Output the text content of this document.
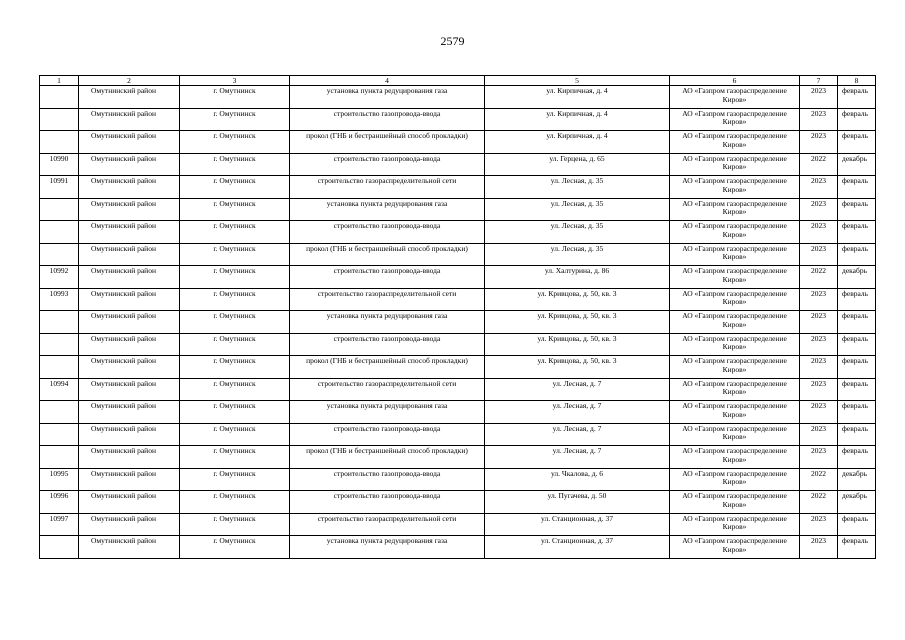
2579
1	2	3	4	5	6	7	8
	Омутнинский район	г. Омутнинск	установка пункта редуцирования газа	ул. Кирпичная, д. 4	АО «Газпром газораспределение Киров»	2023	февраль
	Омутнинский район	г. Омутнинск	строительство газопровода-ввода	ул. Кирпичная, д. 4	АО «Газпром газораспределение Киров»	2023	февраль
	Омутнинский район	г. Омутнинск	прокол (ГНБ и бестраншейный способ прокладки)	ул. Кирпичная, д. 4	АО «Газпром газораспределение Киров»	2023	февраль
10990	Омутнинский район	г. Омутнинск	строительство газопровода-ввода	ул. Герцена, д. 65	АО «Газпром газораспределение Киров»	2022	декабрь
10991	Омутнинский район	г. Омутнинск	строительство газораспределительной сети	ул. Лесная, д. 35	АО «Газпром газораспределение Киров»	2023	февраль
	Омутнинский район	г. Омутнинск	установка пункта редуцирования газа	ул. Лесная, д. 35	АО «Газпром газораспределение Киров»	2023	февраль
	Омутнинский район	г. Омутнинск	строительство газопровода-ввода	ул. Лесная, д. 35	АО «Газпром газораспределение Киров»	2023	февраль
	Омутнинский район	г. Омутнинск	прокол (ГНБ и бестраншейный способ прокладки)	ул. Лесная, д. 35	АО «Газпром газораспределение Киров»	2023	февраль
10992	Омутнинский район	г. Омутнинск	строительство газопровода-ввода	ул. Халтурина, д. 86	АО «Газпром газораспределение Киров»	2022	декабрь
10993	Омутнинский район	г. Омутнинск	строительство газораспределительной сети	ул. Кривцова, д. 50, кв. 3	АО «Газпром газораспределение Киров»	2023	февраль
	Омутнинский район	г. Омутнинск	установка пункта редуцирования газа	ул. Кривцова, д. 50, кв. 3	АО «Газпром газораспределение Киров»	2023	февраль
	Омутнинский район	г. Омутнинск	строительство газопровода-ввода	ул. Кривцова, д. 50, кв. 3	АО «Газпром газораспределение Киров»	2023	февраль
	Омутнинский район	г. Омутнинск	прокол (ГНБ и бестраншейный способ прокладки)	ул. Кривцова, д. 50, кв. 3	АО «Газпром газораспределение Киров»	2023	февраль
10994	Омутнинский район	г. Омутнинск	строительство газораспределительной сети	ул. Лесная, д. 7	АО «Газпром газораспределение Киров»	2023	февраль
	Омутнинский район	г. Омутнинск	установка пункта редуцирования газа	ул. Лесная, д. 7	АО «Газпром газораспределение Киров»	2023	февраль
	Омутнинский район	г. Омутнинск	строительство газопровода-ввода	ул. Лесная, д. 7	АО «Газпром газораспределение Киров»	2023	февраль
	Омутнинский район	г. Омутнинск	прокол (ГНБ и бестраншейный способ прокладки)	ул. Лесная, д. 7	АО «Газпром газораспределение Киров»	2023	февраль
10995	Омутнинский район	г. Омутнинск	строительство газопровода-ввода	ул. Чкалова, д. 6	АО «Газпром газораспределение Киров»	2022	декабрь
10996	Омутнинский район	г. Омутнинск	строительство газопровода-ввода	ул. Пугачева, д. 50	АО «Газпром газораспределение Киров»	2022	декабрь
10997	Омутнинский район	г. Омутнинск	строительство газораспределительной сети	ул. Станционная, д. 37	АО «Газпром газораспределение Киров»	2023	февраль
	Омутнинский район	г. Омутнинск	установка пункта редуцирования газа	ул. Станционная, д. 37	АО «Газпром газораспределение Киров»	2023	февраль
